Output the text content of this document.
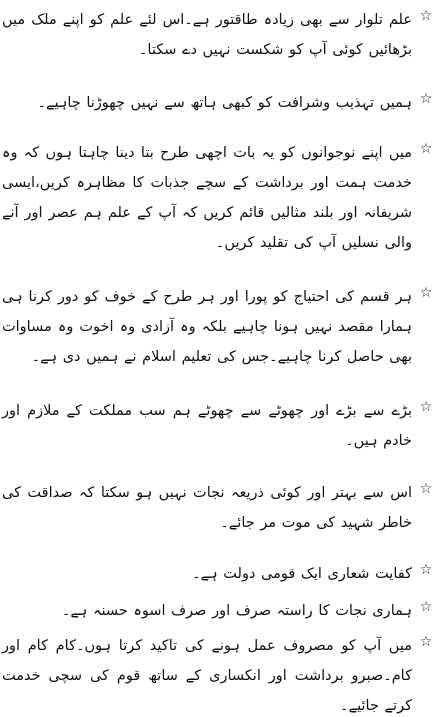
☆
علم تلوار سے بھی زیادہ طاقتور ہے۔اس لئے علم کو اپنے ملک میں بڑھائیں کوئی آپ کو شکست نہیں دے سکتا۔
☆
ہمیں تہذیب وشرافت کو کبھی ہاتھ سے نہیں چھوڑنا چاہیے۔
☆
میں اپنے نوجوانوں کو یہ بات اچھی طرح بتا دینا چاہتا ہوں کہ وہ خدمت ہمت اور برداشت کے سچے جذبات کا مظاہرہ کریں،ایسی شریفانہ اور بلند مثالیں قائم کریں کہ آپ کے علم ہم عصر اور آنے والی نسلیں آپ کی تقلید کریں۔
☆
ہر قسم کی احتیاج کو پورا اور ہر طرح کے خوف کو دور کرنا ہی ہمارا مقصد نہیں ہونا چاہیے بلکہ وہ آزادی وہ اخوت وہ مساوات بھی حاصل کرنا چاہیے۔جس کی تعلیم اسلام نے ہمیں دی ہے۔
☆
بڑے سے بڑے اور چھوٹے سے چھوٹے ہم سب مملکت کے ملازم اور خادم ہیں۔
☆
اس سے بہتر اور کوئی ذریعہ نجات نہیں ہو سکتا کہ صداقت کی خاطر شہید کی موت مر جائے۔
☆
کفایت شعاری ایک قومی دولت ہے۔
☆
ہماری نجات کا راستہ صرف اور صرف اسوہ حسنہ ہے۔
☆
میں آپ کو مصروف عمل ہونے کی تاکید کرتا ہوں۔کام کام اور کام۔صبرو برداشت اور انکساری کے ساتھ قوم کی سچی خدمت کرتے جائیے۔
